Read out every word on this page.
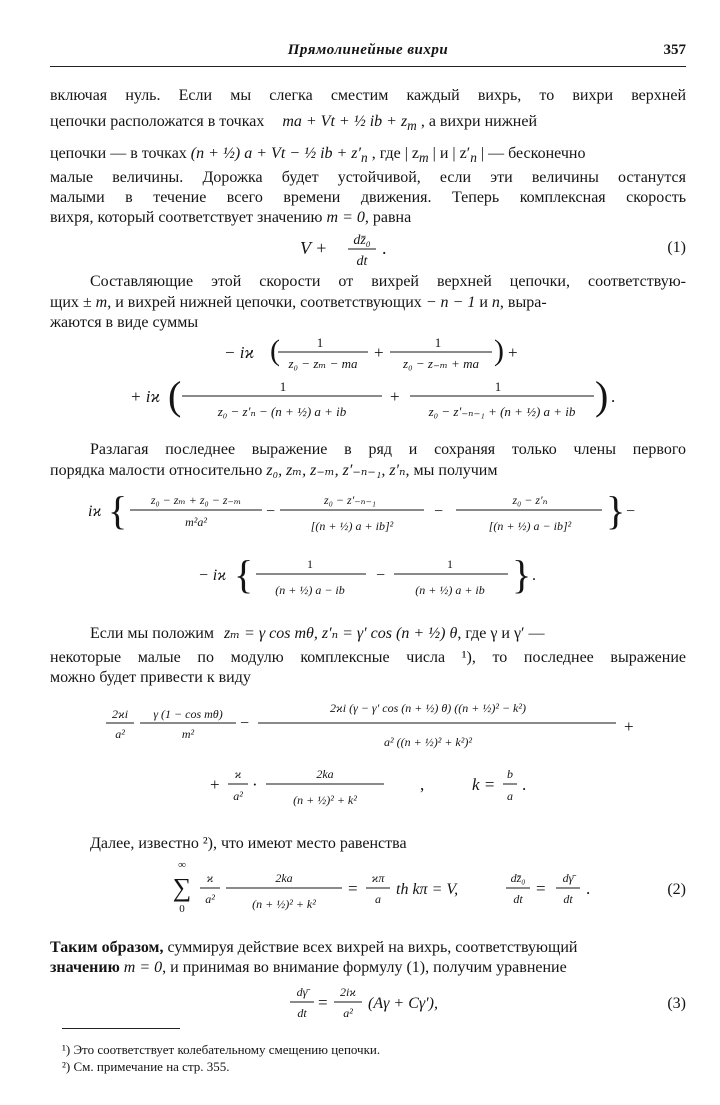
Прямолинейные вихри	357
включая нуль. Если мы слегка сместим каждый вихрь, то вихри верхней
цепочки расположатся в точках ma + Vt + ½ ib + $z_m$ , а вихри нижней
цепочки — в точках (n + ½) a + Vt − ½ ib + $z'_n$ , где | $z_m$ | и | $z'_n$ | — бесконечно
малые величины. Дорожка будет устойчивой, если эти величины останутся
малыми в течение всего времени движения. Теперь комплексная скорость
вихря, который соответствует значению m = 0, равна
V + dz̄₀
dt
.	(1)
Составляющие этой скорости от вихрей верхней цепочки, соответствую-
щих ± m, и вихрей нижней цепочки, соответствующих − n − 1 и n, выра-
жаются в виде суммы
− iϰ (	1
z₀ − zₘ − ma
+
1
z₀ − z₋ₘ + ma ) +
+ iϰ (	1
z₀ − z′ₙ − (n + ½) a + ib
+
1
z₀ − z′₋ₙ₋₁ + (n + ½) a + ib ) .
Разлагая последнее выражение в ряд и сохраняя только члены первого
порядка малости относительно z₀, zₘ, z₋ₘ, z′₋ₙ₋₁, z′ₙ, мы получим
iϰ { z₀ − zₘ + z₀ − z₋ₘ
m²a²
−
z₀ − z′₋ₙ₋₁
[(n + ½) a + ib]²
−
z₀ − z′ₙ
[(n + ½) a − ib]² } −
− iϰ {	1
(n + ½) a − ib
−
1
(n + ½) a + ib } .
Если мы положим zₘ = γ cos mθ, z′ₙ = γ′ cos (n + ½) θ, где γ и γ′ —
некоторые малые по модулю комплексные числа ¹), то последнее выражение
можно будет привести к виду
2ϰi
a²
γ (1 − cos mθ)
m²
−
2ϰi (γ − γ′ cos (n + ½) θ) ((n + ½)² − k²)
a² ((n + ½)² + k²)²
+
+
ϰ
a²
·
2ka
(n + ½)² + k²
,	k =
b
a
.
Далее, известно ²), что имеют место равенства
∞
∑
0
ϰ
a²
2ka
(n + ½)² + k²
=
ϰπ
a
th kπ = V,
dz̄₀
dt
=
dγ̄
dt
.	(2)
Таким образом, суммируя действие всех вихрей на вихрь, соответствующий
значению m = 0, и принимая во внимание формулу (1), получим уравнение
dγ̄
dt
=
2iϰ
a²
(Aγ + Cγ′),	(3)
¹) Это соответствует колебательному смещению цепочки.
²) См. примечание на стр. 355.
